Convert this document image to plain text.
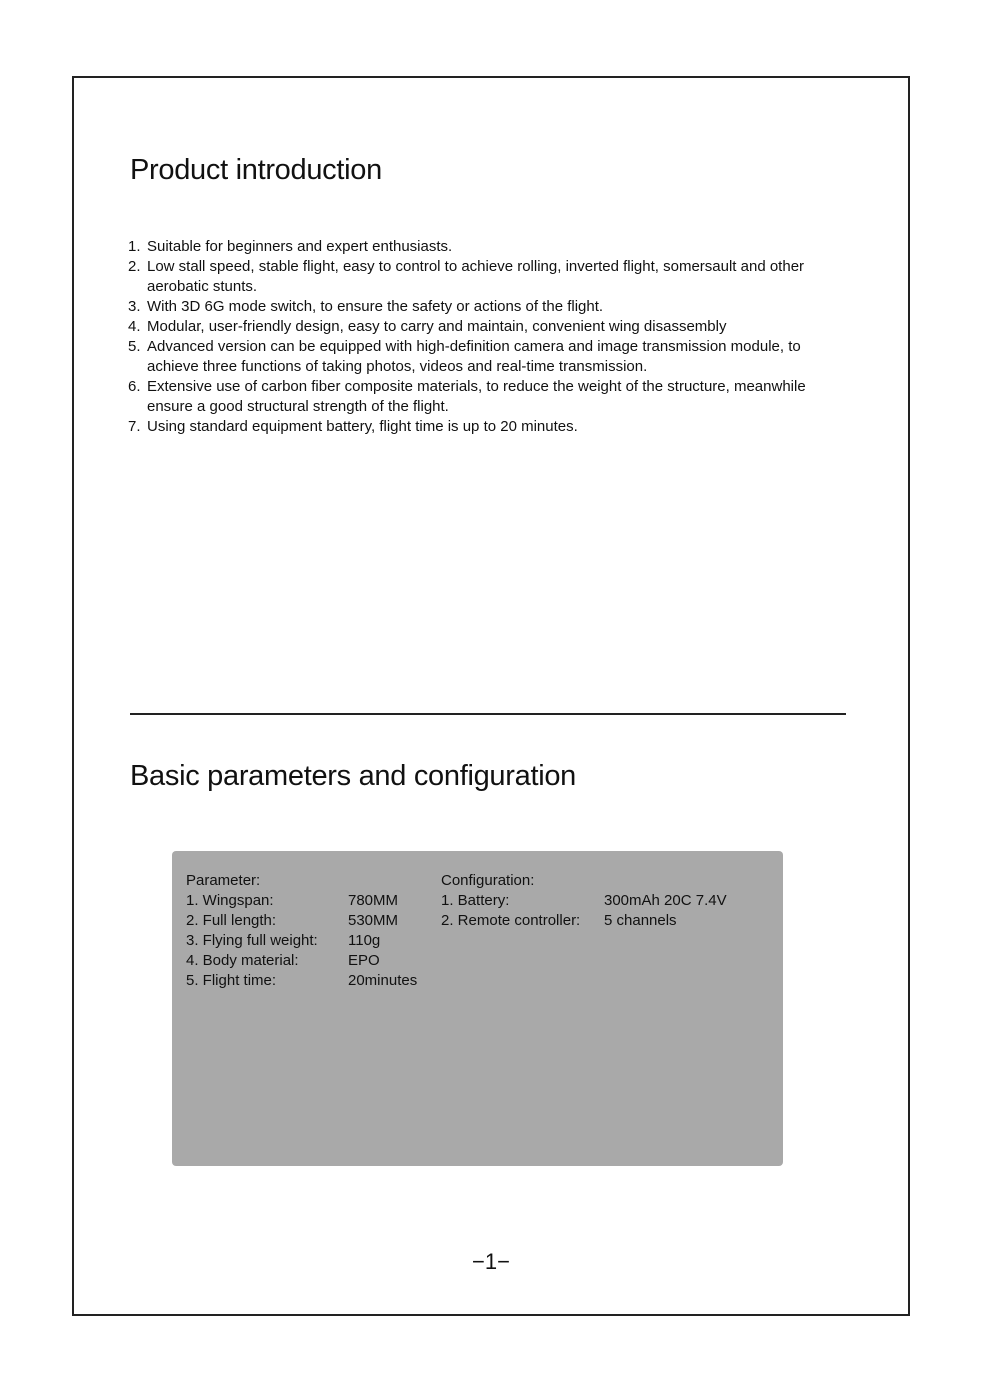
Product introduction
1. Suitable for beginners and expert enthusiasts.
2. Low stall speed, stable flight, easy to control to achieve rolling, inverted flight, somersault and other aerobatic stunts.
3. With 3D 6G mode switch, to ensure the safety or actions of the flight.
4. Modular, user-friendly design, easy to carry and maintain, convenient wing disassembly
5. Advanced version can be equipped with high-definition camera and image transmission module, to achieve three functions of taking photos, videos and real-time transmission.
6. Extensive use of carbon fiber composite materials, to reduce the weight of the structure, meanwhile ensure a good structural strength of the flight.
7. Using standard equipment battery, flight time is up to 20 minutes.
Basic parameters and configuration
Parameter:
1. Wingspan:	780MM
2. Full length:	530MM
3. Flying full weight: 110g
4. Body material:	EPO
5. Flight time:	20minutes
Configuration:
1. Battery:	300mAh 20C 7.4V
2. Remote controller: 5 channels
−1−
